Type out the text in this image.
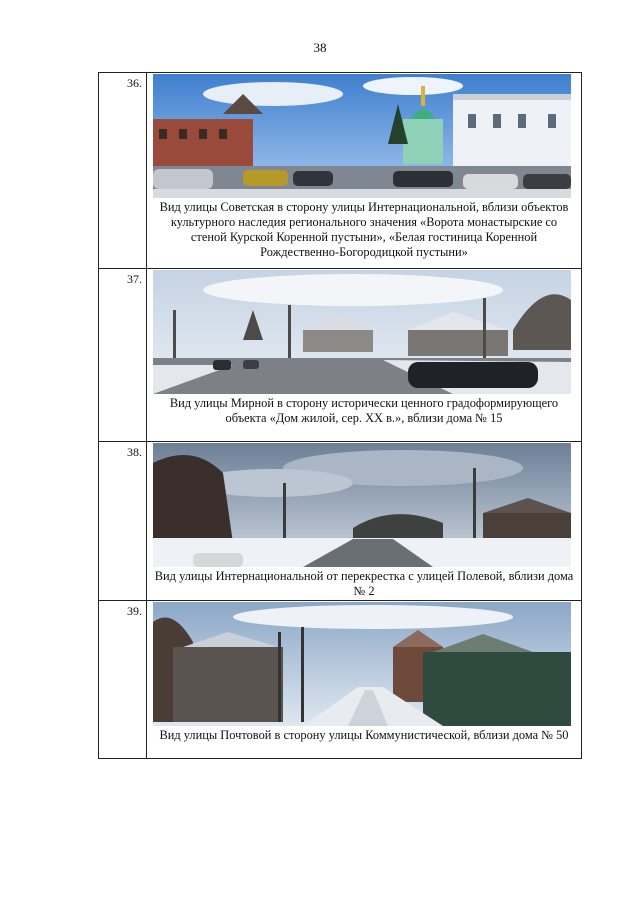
38
36.	Вид улицы Советская в сторону улицы Интернациональной, вблизи объектов культурного наследия регионального значения «Ворота монастырские со стеной Курской Коренной пустыни», «Белая гостиница Коренной Рождественно-Богородицкой пустыни»

37.	Вид улицы Мирной в сторону исторически ценного градоформирующего объекта «Дом жилой, сер. XX в.», вблизи дома № 15

38.	Вид улицы Интернациональной от перекрестка с улицей Полевой, вблизи дома № 2

39.	Вид улицы Почтовой в сторону улицы Коммунистической, вблизи дома № 50
